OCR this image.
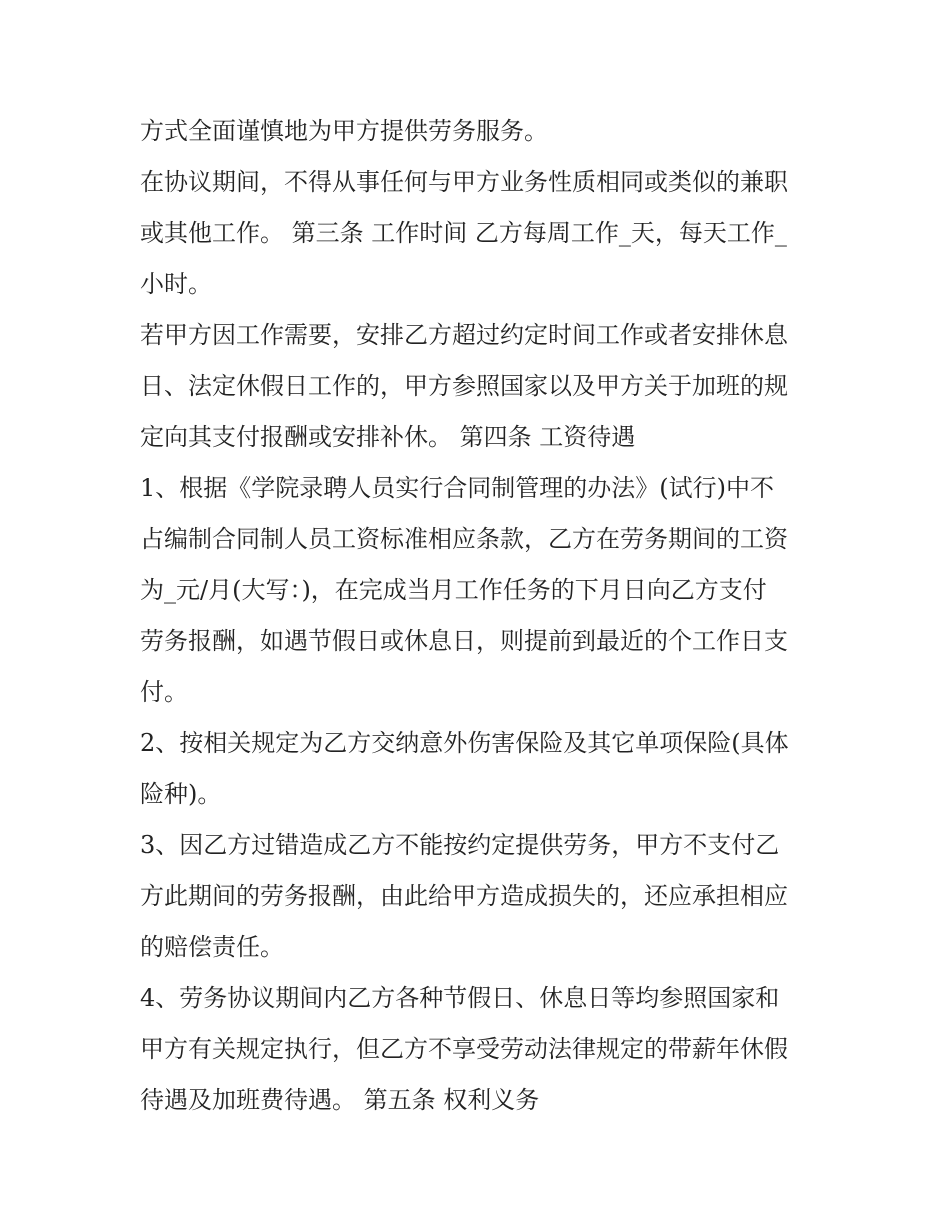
方式全面谨慎地为甲方提供劳务服务。
在协议期间，不得从事任何与甲方业务性质相同或类似的兼职
或其他工作。 第三条 工作时间 乙方每周工作_天，每天工作_
小时。
若甲方因工作需要，安排乙方超过约定时间工作或者安排休息
日、法定休假日工作的，甲方参照国家以及甲方关于加班的规
定向其支付报酬或安排补休。 第四条 工资待遇
1、根据《学院录聘人员实行合同制管理的办法》(试行)中不
占编制合同制人员工资标准相应条款，乙方在劳务期间的工资
为_元/月(大写：)，在完成当月工作任务的下月日向乙方支付
劳务报酬，如遇节假日或休息日，则提前到最近的个工作日支
付。
2、按相关规定为乙方交纳意外伤害保险及其它单项保险(具体
险种)。
3、因乙方过错造成乙方不能按约定提供劳务，甲方不支付乙
方此期间的劳务报酬，由此给甲方造成损失的，还应承担相应
的赔偿责任。
4、劳务协议期间内乙方各种节假日、休息日等均参照国家和
甲方有关规定执行，但乙方不享受劳动法律规定的带薪年休假
待遇及加班费待遇。 第五条 权利义务
